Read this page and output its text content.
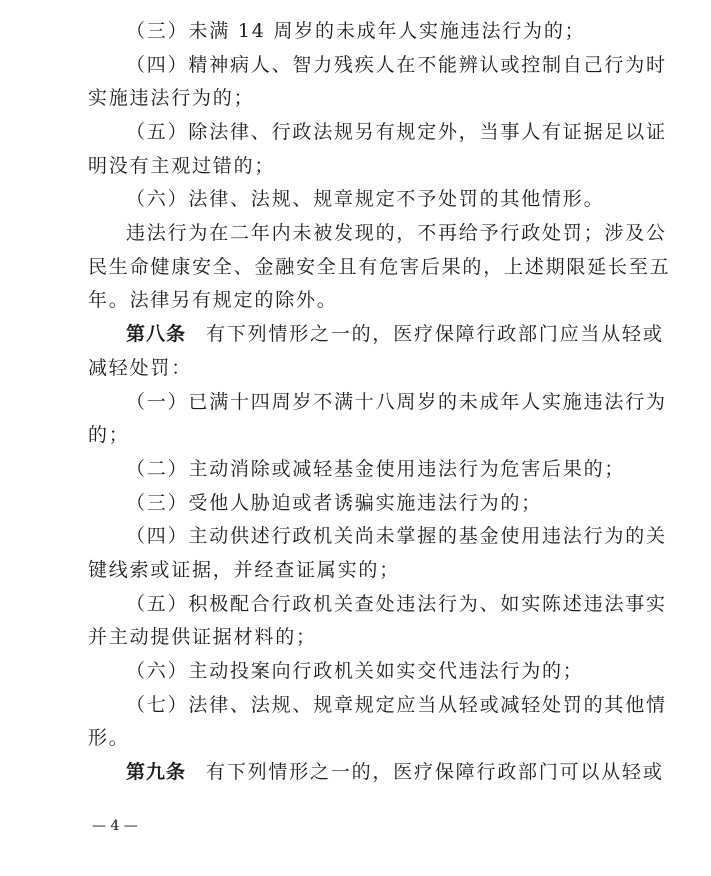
（三）未满 14 周岁的未成年人实施违法行为的；
（四）精神病人、智力残疾人在不能辨认或控制自己行为时
实施违法行为的；
（五）除法律、行政法规另有规定外，当事人有证据足以证
明没有主观过错的；
（六）法律、法规、规章规定不予处罚的其他情形。
违法行为在二年内未被发现的，不再给予行政处罚；涉及公
民生命健康安全、金融安全且有危害后果的，上述期限延长至五
年。法律另有规定的除外。
第八条 有下列情形之一的，医疗保障行政部门应当从轻或
减轻处罚：
（一）已满十四周岁不满十八周岁的未成年人实施违法行为
的；
（二）主动消除或减轻基金使用违法行为危害后果的；
（三）受他人胁迫或者诱骗实施违法行为的；
（四）主动供述行政机关尚未掌握的基金使用违法行为的关
键线索或证据，并经查证属实的；
（五）积极配合行政机关查处违法行为、如实陈述违法事实
并主动提供证据材料的；
（六）主动投案向行政机关如实交代违法行为的；
（七）法律、法规、规章规定应当从轻或减轻处罚的其他情
形。
第九条 有下列情形之一的，医疗保障行政部门可以从轻或
— 4 —
